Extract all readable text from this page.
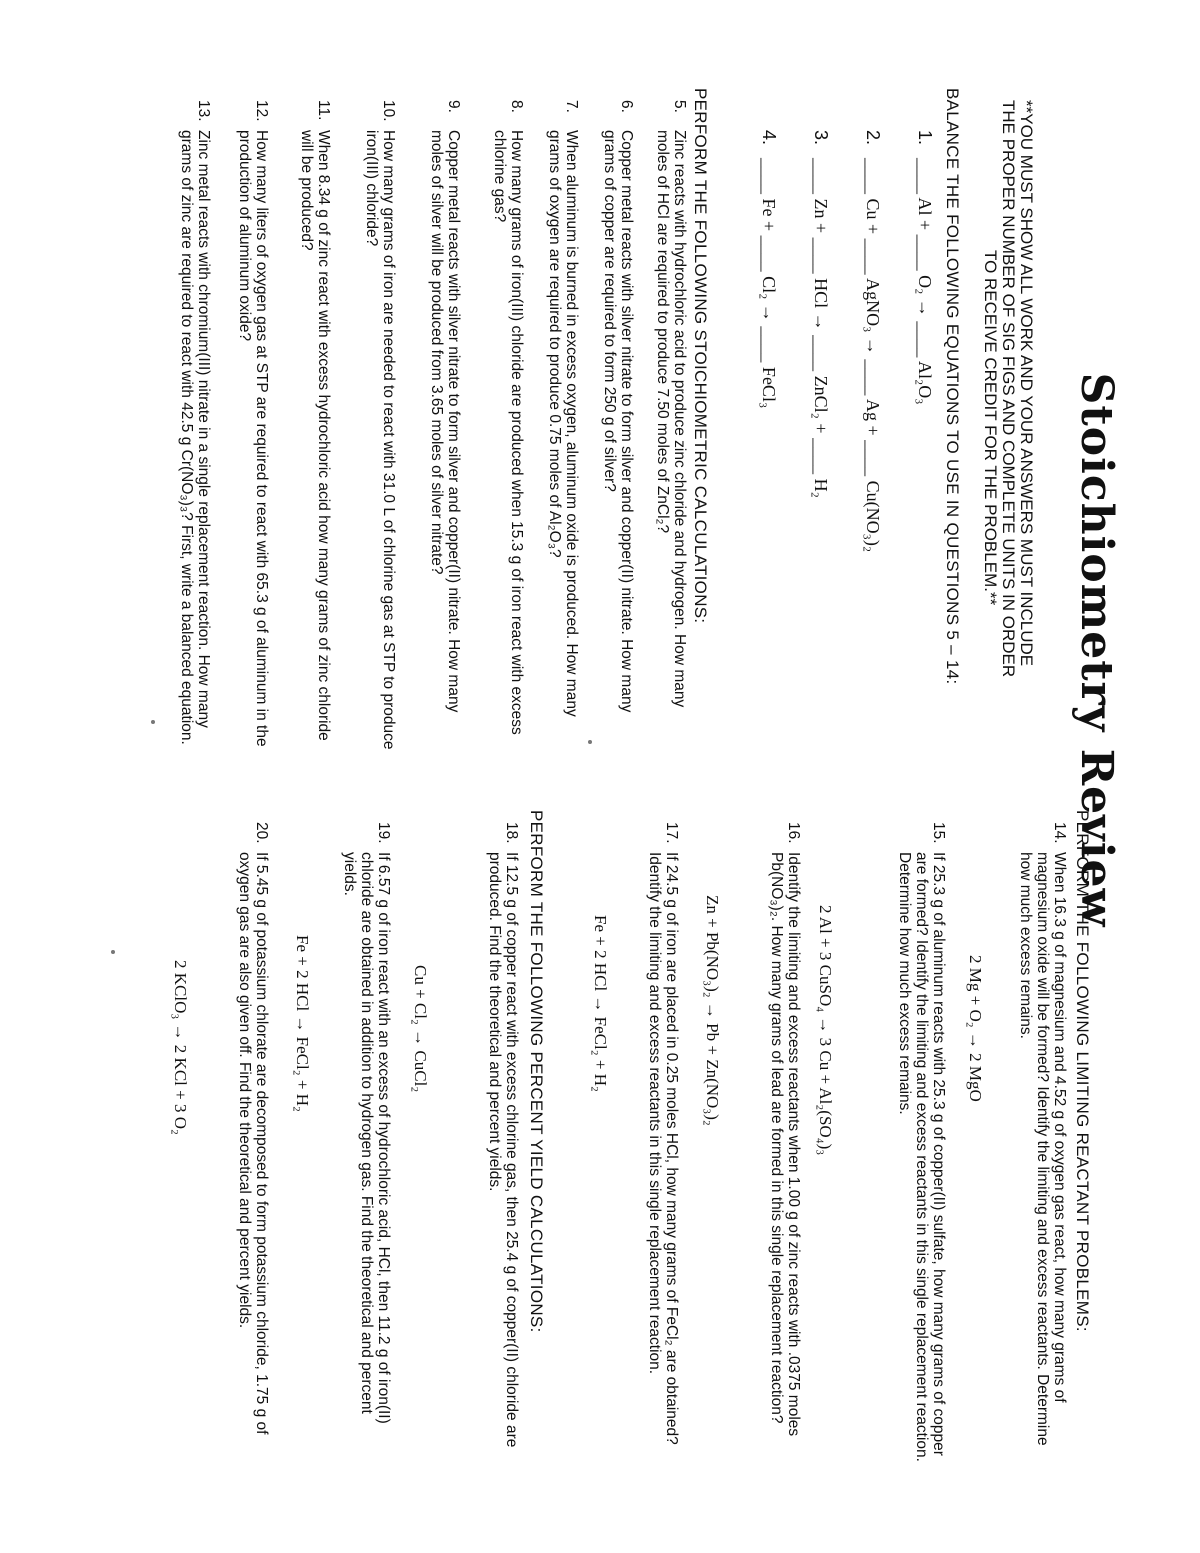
Stoichiometry Review
**YOU MUST SHOW ALL WORK AND YOUR ANSWERS MUST INCLUDE
THE PROPER NUMBER OF SIG FIGS AND COMPLETE UNITS IN ORDER
TO RECEIVE CREDIT FOR THE PROBLEM.**
BALANCE THE FOLLOWING EQUATIONS TO USE IN QUESTIONS 5 – 14:
1.
____ Al + ____ O₂ → ____ Al₂O₃
2.
____ Cu + ____ AgNO₃ → ____ Ag + ____ Cu(NO₃)₂
3.
____ Zn + ____ HCl → ____ ZnCl₂ + ____ H₂
4.
____ Fe + ____ Cl₂ → ____ FeCl₃
PERFORM THE FOLLOWING STOICHIOMETRIC CALCULATIONS:
5.
Zinc reacts with hydrochloric acid to produce zinc chloride and hydrogen. How many moles of HCl are required to produce 7.50 moles of ZnCl₂?
6.
Copper metal reacts with silver nitrate to form silver and copper(II) nitrate. How many grams of copper are required to form 250 g of silver?
7.
When aluminum is burned in excess oxygen, aluminum oxide is produced. How many grams of oxygen are required to produce 0.75 moles of Al₂O₃?
8.
How many grams of iron(III) chloride are produced when 15.3 g of iron react with excess chlorine gas?
9.
Copper metal reacts with silver nitrate to form silver and copper(II) nitrate. How many moles of silver will be produced from 3.65 moles of silver nitrate?
10.
How many grams of iron are needed to react with 31.0 L of chlorine gas at STP to produce iron(III) chloride?
11.
When 8.34 g of zinc react with excess hydrochloric acid how many grams of zinc chloride will be produced?
12.
How many liters of oxygen gas at STP are required to react with 65.3 g of aluminum in the production of aluminum oxide?
13.
Zinc metal reacts with chromium(III) nitrate in a single replacement reaction. How many grams of zinc are required to react with 42.5 g Cr(NO₃)₃? First, write a balanced equation.
PERFORM THE FOLLOWING LIMITING REACTANT PROBLEMS:
14.
When 16.3 g of magnesium and 4.52 g of oxygen gas react, how many grams of magnesium oxide will be formed? Identify the limiting and excess reactants. Determine how much excess remains.
2 Mg + O₂ → 2 MgO
15.
If 25.3 g of aluminum reacts with 25.3 g of copper(II) sulfate, how many grams of copper are formed? Identify the limiting and excess reactants in this single replacement reaction. Determine how much excess remains.
2 Al + 3 CuSO₄ → 3 Cu + Al₂(SO₄)₃
16.
Identify the limiting and excess reactants when 1.00 g of zinc reacts with .0375 moles Pb(NO₃)₂. How many grams of lead are formed in this single replacement reaction?
Zn + Pb(NO₃)₂ → Pb + Zn(NO₃)₂
17.
If 24.5 g of iron are placed in 0.25 moles HCl, how many grams of FeCl₂ are obtained? Identify the limiting and excess reactants in this single replacement reaction.
Fe + 2 HCl → FeCl₂ + H₂
PERFORM THE FOLLOWING PERCENT YIELD CALCULATIONS:
18.
If 12.5 g of copper react with excess chlorine gas, then 25.4 g of copper(II) chloride are produced. Find the theoretical and percent yields.
Cu + Cl₂ → CuCl₂
19.
If 6.57 g of iron react with an excess of hydrochloric acid, HCl, then 11.2 g of iron(II) chloride are obtained in addition to hydrogen gas. Find the theoretical and percent yields.
Fe + 2 HCl → FeCl₂ + H₂
20.
If 5.45 g of potassium chlorate are decomposed to form potassium chloride, 1.75 g of oxygen gas are also given off. Find the theoretical and percent yields.
2 KClO₃ → 2 KCl + 3 O₂
